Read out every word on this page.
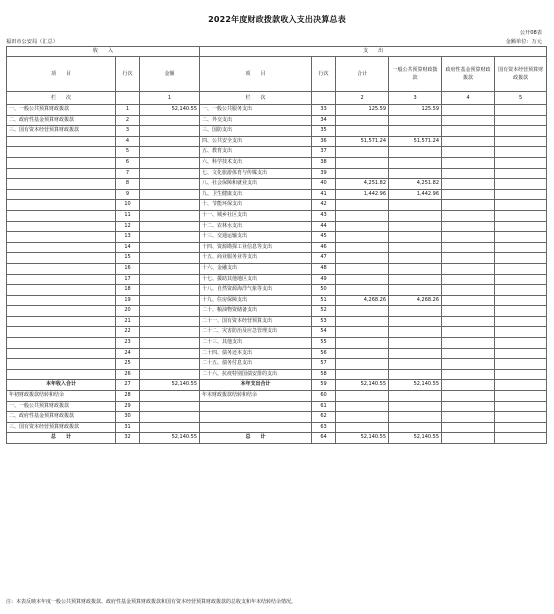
2022年度财政拨款收入支出决算总表
公开08表
福田市公安局（汇总）	金额单位：万元
收　　入			支　　出					
项　　目	行次	金额	项　　目	行次	合计	一般公共预算财政拨款	政府性基金预算财政拨款	国有资本经营预算财政拨款
栏　　次		1	栏　　次		2	3	4	5
一、一般公共预算财政拨款	1	52,140.55	一、一般公共服务支出	33	125.59	125.59		
二、政府性基金预算财政拨款	2		二、外交支出	34				
三、国有资本经营预算财政拨款	3		三、国防支出	35				
	4		四、公共安全支出	36	51,571.24	51,571.24		
	5		五、教育支出	37				
	6		六、科学技术支出	38				
	7		七、文化旅游体育与传媒支出	39				
	8		八、社会保障和就业支出	40	4,251.82	4,251.82		
	9		九、卫生健康支出	41	1,442.96	1,442.96		
	10		十、节能环保支出	42				
	11		十一、城乡社区支出	43				
	12		十二、农林水支出	44				
	13		十三、交通运输支出	45				
	14		十四、资源勘探工业信息等支出	46				
	15		十五、商业服务业等支出	47				
	16		十六、金融支出	48				
	17		十七、援助其他地区支出	49				
	18		十八、自然资源海洋气象等支出	50				
	19		十九、住房保障支出	51	4,268.26	4,268.26		
	20		二十、粮油物资储备支出	52				
	21		二十一、国有资本经营预算支出	53				
	22		二十二、灾害防治及应急管理支出	54				
	23		二十三、其他支出	55				
	24		二十四、债务还本支出	56				
	25		二十五、债务付息支出	57				
	26		二十六、抗疫特别国债安排的支出	58				
本年收入合计	27	52,140.55	本年支出合计	59	52,140.55	52,140.55		
年初财政拨款结转和结余	28		年末财政拨款结转和结余	60				
一、一般公共预算财政拨款	29			61				
二、政府性基金预算财政拨款	30			62				
三、国有资本经营预算财政拨款	31			63				
总　　计	32	52,140.55	总　　计	64	52,140.55	52,140.55		
注：本表反映本年度一般公共预算财政拨款、政府性基金预算财政拨款和国有资本经营预算财政拨款的总收支和年末结转结余情况。
